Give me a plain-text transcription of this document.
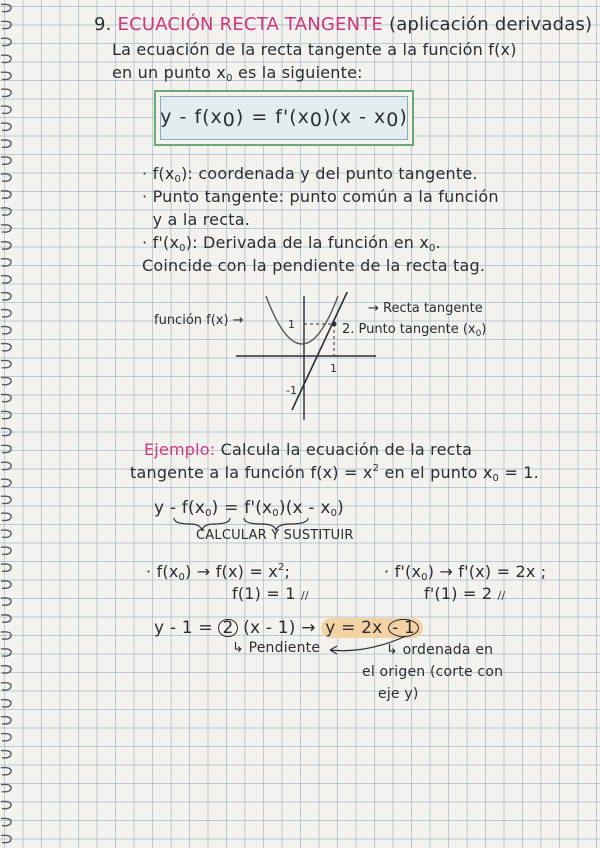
9. ECUACIÓN RECTA TANGENTE (aplicación derivadas)
La ecuación de la recta tangente a la función f(x)
en un punto $x_0$ es la siguiente:
y - f(x0) = f'(x0)(x - x0)
· $f(x_0)$: coordenada y del punto tangente.
· Punto tangente: punto común a la función
y a la recta.
· $f'(x_0)$: Derivada de la función en $x_0$.
Coincide con la pendiente de la recta tag.
1
1
-1
función f(x) →
→ Recta tangente
2. Punto tangente $(x_0)$
Ejemplo: Calcula la ecuación de la recta
tangente a la función $f(x) = x^2$ en el punto $x_0 = 1$.
$y - f(x_0) = f'(x_0)(x - x_0)$
CALCULAR Y SUSTITUIR
· $f(x_0) \to f(x) = x^2$;
f(1) = 1 //
· $f'(x_0) \to f'(x) = 2x$ ;
f'(1) = 2 //
y - 1 = 2 (x - 1) → y = 2x - 1
↳ Pendiente	↳ ordenada en
el origen (corte con
eje y)
